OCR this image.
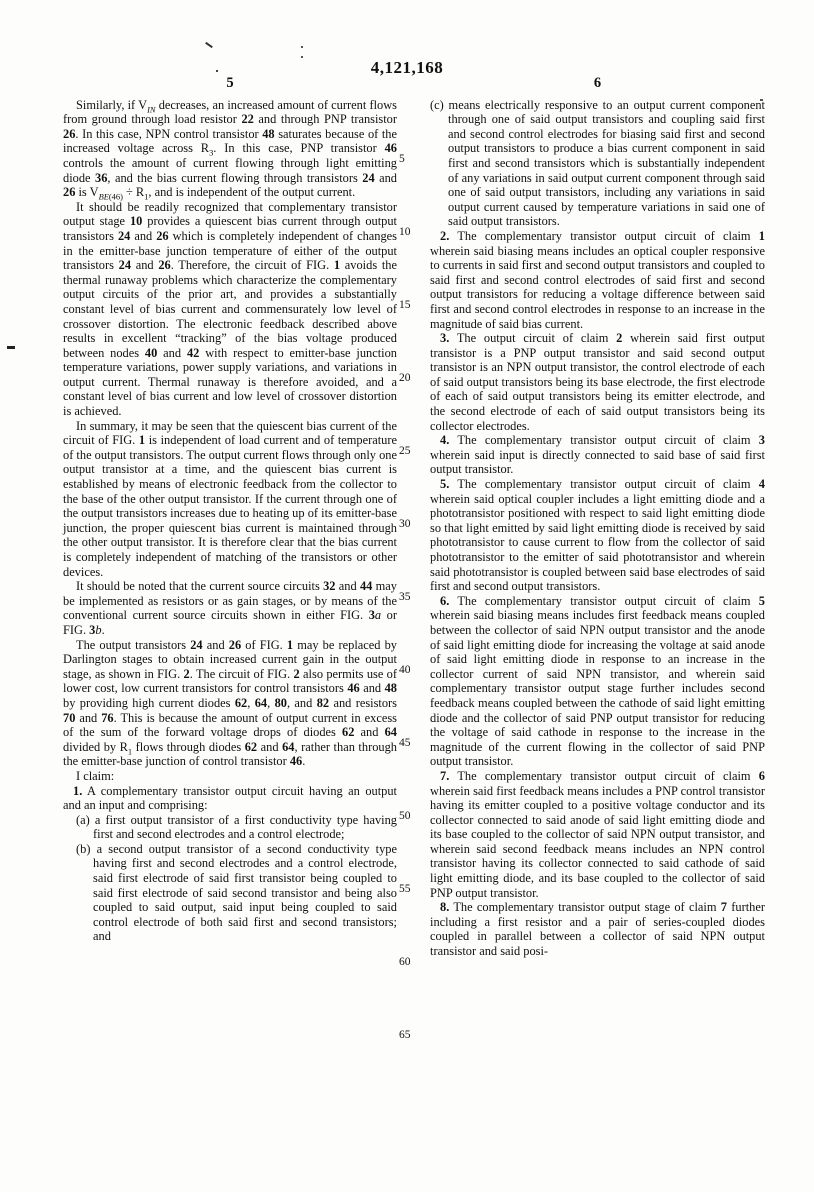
4,121,168
5

Similarly, if $V_{IN}$ decreases, an increased amount of current flows from ground through load resistor 22 and through PNP transistor 26. In this case, NPN control transistor 48 saturates because of the increased voltage across $R_3$. In this case, PNP transistor 46 controls the amount of current flowing through light emitting diode 36, and the bias current flowing through transistors 24 and 26 is $V_{BE(46)} \div R_1$, and is independent of the output current.

It should be readily recognized that complementary transistor output stage 10 provides a quiescent bias current through output transistors 24 and 26 which is completely independent of changes in the emitter-base junction temperature of either of the output transistors 24 and 26. Therefore, the circuit of FIG. 1 avoids the thermal runaway problems which characterize the complementary output circuits of the prior art, and provides a substantially constant level of bias current and commensurately low level of crossover distortion. The electronic feedback described above results in excellent “tracking” of the bias voltage produced between nodes 40 and 42 with respect to emitter-base junction temperature variations, power supply variations, and variations in output current. Thermal runaway is therefore avoided, and a constant level of bias current and low level of crossover distortion is achieved.

In summary, it may be seen that the quiescent bias current of the circuit of FIG. 1 is independent of load current and of temperature of the output transistors. The output current flows through only one output transistor at a time, and the quiescent bias current is established by means of electronic feedback from the collector to the base of the other output transistor. If the current through one of the output transistors increases due to heating up of its emitter-base junction, the proper quiescent bias current is maintained through the other output transistor. It is therefore clear that the bias current is completely independent of matching of the transistors or other devices.

It should be noted that the current source circuits 32 and 44 may be implemented as resistors or as gain stages, or by means of the conventional current source circuits shown in either FIG. 3a or FIG. 3b.

The output transistors 24 and 26 of FIG. 1 may be replaced by Darlington stages to obtain increased current gain in the output stage, as shown in FIG. 2. The circuit of FIG. 2 also permits use of lower cost, low current transistors for control transistors 46 and 48 by providing high current diodes 62, 64, 80, and 82 and resistors 70 and 76. This is because the amount of output current in excess of the sum of the forward voltage drops of diodes 62 and 64 divided by $R_1$ flows through diodes 62 and 64, rather than through the emitter-base junction of control transistor 46.

I claim:

1. A complementary transistor output circuit having an output and an input and comprising:

(a) a first output transistor of a first conductivity type having first and second electrodes and a control electrode;

(b) a second output transistor of a second conductivity type having first and second electrodes and a control electrode, said first electrode of said first transistor being coupled to said first electrode of said second transistor and being also coupled to said output, said input being coupled to said control electrode of both said first and second transistors; and

6

(c) means electrically responsive to an output current component through one of said output transistors and coupling said first and second control electrodes for biasing said first and second output transistors to produce a bias current component in said first and second transistors which is substantially independent of any variations in said output current component through said one of said output transistors, including any variations in said output current caused by temperature variations in said one of said output transistors.

2. The complementary transistor output circuit of claim 1 wherein said biasing means includes an optical coupler responsive to currents in said first and second output transistors and coupled to said first and second control electrodes of said first and second output transistors for reducing a voltage difference between said first and second control electrodes in response to an increase in the magnitude of said bias current.

3. The output circuit of claim 2 wherein said first output transistor is a PNP output transistor and said second output transistor is an NPN output transistor, the control electrode of each of said output transistors being its base electrode, the first electrode of each of said output transistors being its emitter electrode, and the second electrode of each of said output transistors being its collector electrodes.

4. The complementary transistor output circuit of claim 3 wherein said input is directly connected to said base of said first output transistor.

5. The complementary transistor output circuit of claim 4 wherein said optical coupler includes a light emitting diode and a phototransistor positioned with respect to said light emitting diode so that light emitted by said light emitting diode is received by said phototransistor to cause current to flow from the collector of said phototransistor to the emitter of said phototransistor and wherein said phototransistor is coupled between said base electrodes of said first and second output transistors.

6. The complementary transistor output circuit of claim 5 wherein said biasing means includes first feedback means coupled between the collector of said NPN output transistor and the anode of said light emitting diode for increasing the voltage at said anode of said light emitting diode in response to an increase in the collector current of said NPN transistor, and wherein said complementary transistor output stage further includes second feedback means coupled between the cathode of said light emitting diode and the collector of said PNP output transistor for reducing the voltage of said cathode in response to the increase in the magnitude of the current flowing in the collector of said PNP output transistor.

7. The complementary transistor output circuit of claim 6 wherein said first feedback means includes a PNP control transistor having its emitter coupled to a positive voltage conductor and its collector connected to said anode of said light emitting diode and its base coupled to the collector of said NPN output transistor, and wherein said second feedback means includes an NPN control transistor having its collector connected to said cathode of said light emitting diode, and its base coupled to the collector of said PNP output transistor.

8. The complementary transistor output stage of claim 7 further including a first resistor and a pair of series-coupled diodes coupled in parallel between a collector of said NPN output transistor and said posi-

5
10
15
20
25
30
35
40
45
50
55
60
65
